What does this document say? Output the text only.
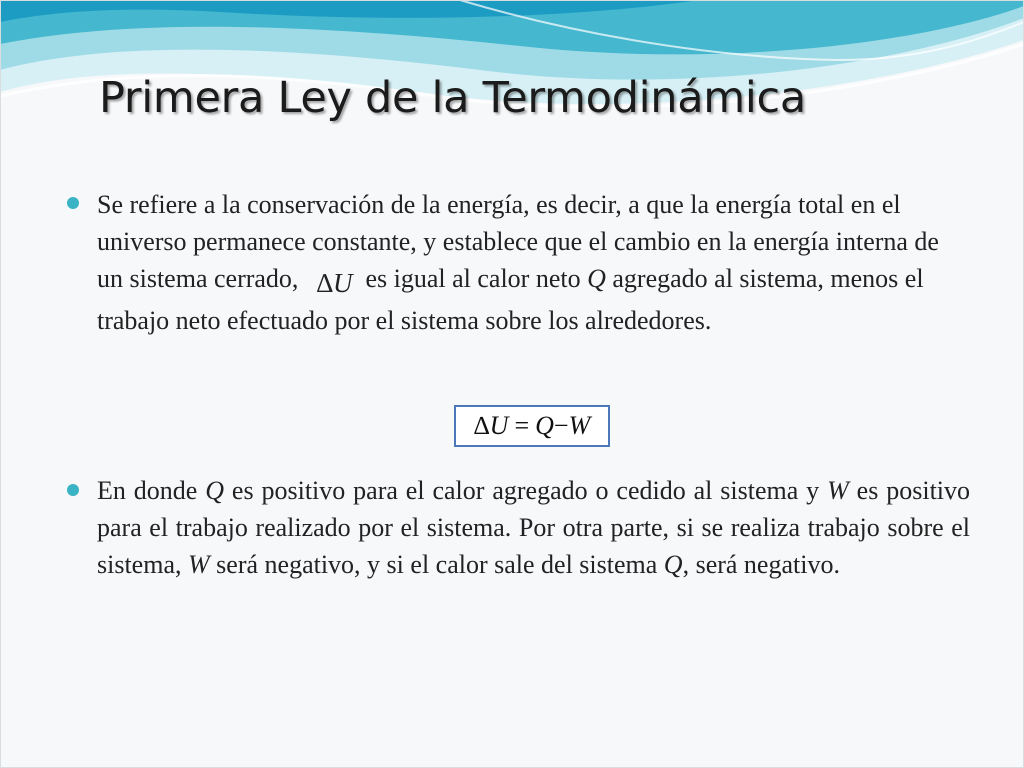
Primera Ley de la Termodinámica

Se refiere a la conservación de la energía, es decir, a que la energía total en el universo permanece constante, y establece que el cambio en la energía interna de un sistema cerrado, ∆U es igual al calor neto Q agregado al sistema, menos el trabajo neto efectuado por el sistema sobre los alrededores.

∆ U = Q − W

En donde Q es positivo para el calor agregado o cedido al sistema y W es positivo para el trabajo realizado por el sistema. Por otra parte, si se realiza trabajo sobre el sistema, W será negativo, y si el calor sale del sistema Q, será negativo.
